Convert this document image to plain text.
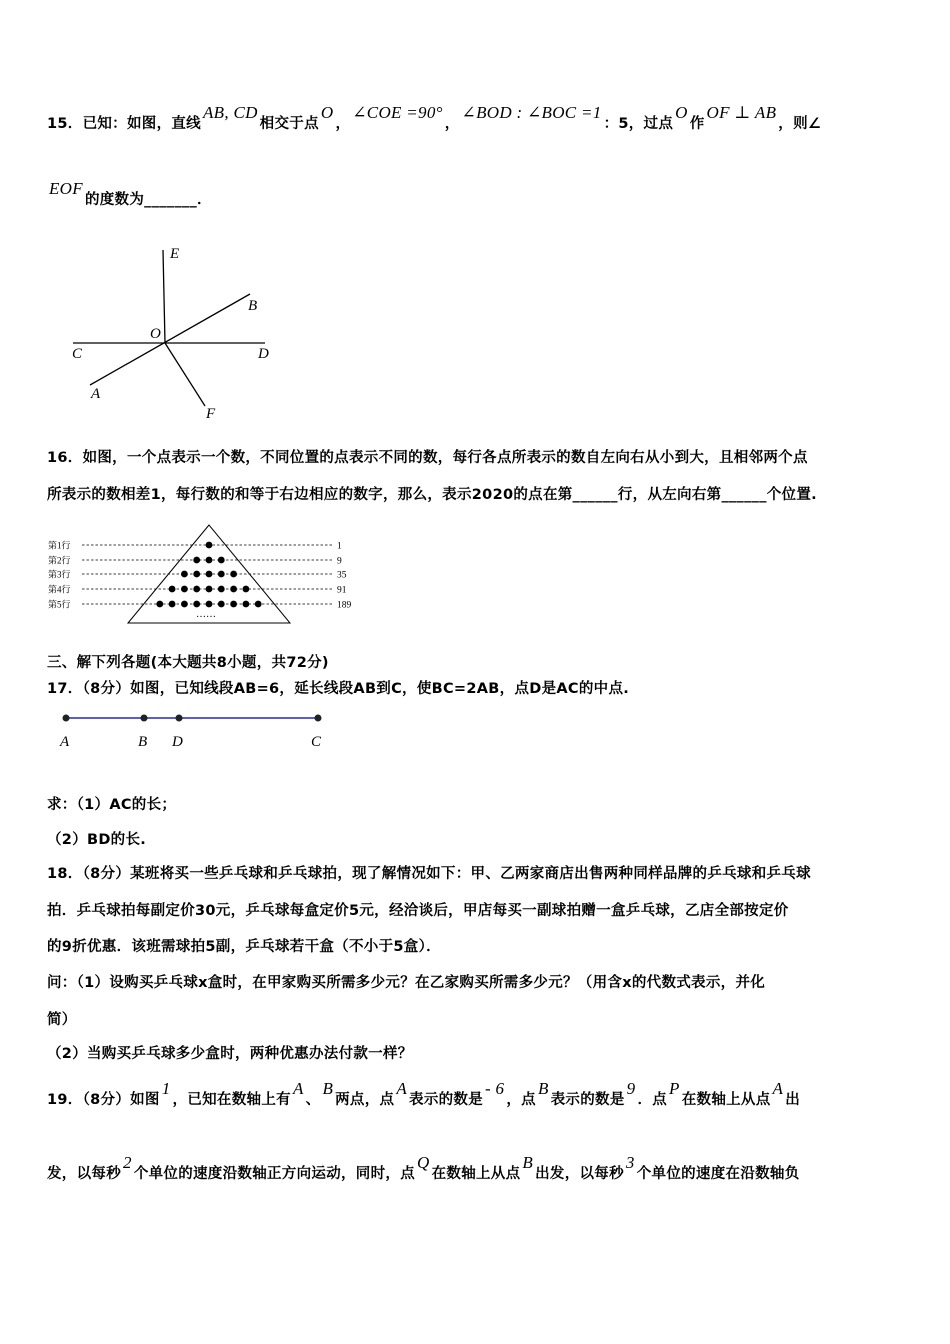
15．已知：如图，直线AB, CD相交于点O，∠COE =90°，∠BOD : ∠BOC =1：5，过点O作OF ⊥ AB，则∠
EOF的度数为_______．
16．如图，一个点表示一个数，不同位置的点表示不同的数，每行各点所表示的数自左向右从小到大，且相邻两个点
所表示的数相差1，每行数的和等于右边相应的数字，那么，表示2020的点在第______行，从左向右第______个位置.
三、解下列各题(本大题共8小题，共72分)
17．（8分）如图，已知线段AB=6，延长线段AB到C，使BC=2AB，点D是AC的中点.
求：（1）AC的长；
（2）BD的长.
18．（8分）某班将买一些乒乓球和乒乓球拍，现了解情况如下：甲、乙两家商店出售两种同样品牌的乒乓球和乒乓球
拍．乒乓球拍每副定价30元，乒乓球每盒定价5元，经洽谈后，甲店每买一副球拍赠一盒乒乓球，乙店全部按定价
的9折优惠．该班需球拍5副，乒乓球若干盒（不小于5盒）．
问：（1）设购买乒乓球x盒时，在甲家购买所需多少元？在乙家购买所需多少元？（用含x的代数式表示，并化
简）
（2）当购买乒乓球多少盒时，两种优惠办法付款一样？
19．（8分）如图1，已知在数轴上有A、B两点，点A表示的数是- 6，点B表示的数是9．点P在数轴上从点A出
发，以每秒2个单位的速度沿数轴正方向运动，同时，点Q在数轴上从点B出发，以每秒3个单位的速度在沿数轴负
E
B
O
C	D
A
F
……
第1行	1
第2行	9
第3行	35
第4行	91
第5行	189
A	B D	C
